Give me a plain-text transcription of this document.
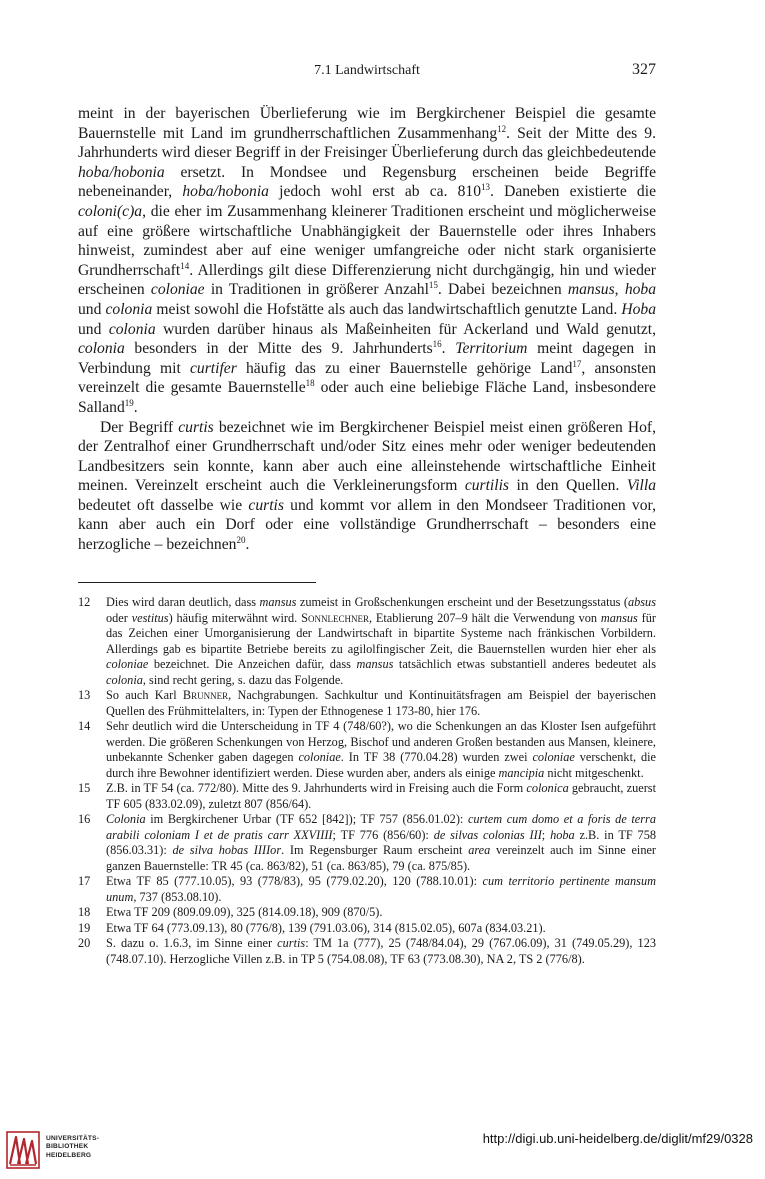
7.1 Landwirtschaft	327

meint in der bayerischen Überlieferung wie im Bergkirchener Beispiel die gesamte Bauernstelle mit Land im grundherrschaftlichen Zusammenhang$^{12}$. Seit der Mitte des 9. Jahrhunderts wird dieser Begriff in der Freisinger Überlieferung durch das gleichbedeutende hoba/hobonia ersetzt. In Mondsee und Regensburg erscheinen beide Begriffe nebeneinander, hoba/hobonia jedoch wohl erst ab ca. $810^{13}$. Daneben existierte die coloni(c)a, die eher im Zusammenhang kleinerer Traditionen erscheint und möglicherweise auf eine größere wirtschaftliche Unabhängigkeit der Bauernstelle oder ihres Inhabers hinweist, zumindest aber auf eine weniger umfangreiche oder nicht stark organisierte Grundherrschaft$^{14}$. Allerdings gilt diese Differenzierung nicht durchgängig, hin und wieder erscheinen coloniae in Traditionen in größerer Anzahl$^{15}$. Dabei bezeichnen mansus, hoba und colonia meist sowohl die Hofstätte als auch das landwirtschaftlich genutzte Land. Hoba und colonia wurden darüber hinaus als Maßeinheiten für Ackerland und Wald genutzt, colonia besonders in der Mitte des 9. Jahrhunderts$^{16}$. Territorium meint dagegen in Verbindung mit curtifer häufig das zu einer Bauernstelle gehörige Land$^{17}$, ansonsten vereinzelt die gesamte Bauernstelle$^{18}$ oder auch eine beliebige Fläche Land, insbesondere Salland$^{19}$.

Der Begriff curtis bezeichnet wie im Bergkirchener Beispiel meist einen größeren Hof, der Zentralhof einer Grundherrschaft und/oder Sitz eines mehr oder weniger bedeutenden Landbesitzers sein konnte, kann aber auch eine alleinstehende wirtschaftliche Einheit meinen. Vereinzelt erscheint auch die Verkleinerungsform curtilis in den Quellen. Villa bedeutet oft dasselbe wie curtis und kommt vor allem in den Mondseer Traditionen vor, kann aber auch ein Dorf oder eine vollständige Grundherrschaft – besonders eine herzogliche – bezeichnen$^{20}$.

12 Dies wird daran deutlich, dass mansus zumeist in Großschenkungen erscheint und der Besetzungsstatus (absus oder vestitus) häufig miterwähnt wird. Sonnlechner, Etablierung 207–9 hält die Verwendung von mansus für das Zeichen einer Umorganisierung der Landwirtschaft in bipartite Systeme nach fränkischen Vorbildern. Allerdings gab es bipartite Betriebe bereits zu agilolfingischer Zeit, die Bauernstellen wurden hier eher als coloniae bezeichnet. Die Anzeichen dafür, dass mansus tatsächlich etwas substantiell anderes bedeutet als colonia, sind recht gering, s. dazu das Folgende.
13 So auch Karl Brunner, Nachgrabungen. Sachkultur und Kontinuitätsfragen am Beispiel der bayerischen Quellen des Frühmittelalters, in: Typen der Ethnogenese 1 173-80, hier 176.
14 Sehr deutlich wird die Unterscheidung in TF 4 (748/60?), wo die Schenkungen an das Kloster Isen aufgeführt werden. Die größeren Schenkungen von Herzog, Bischof und anderen Großen bestanden aus Mansen, kleinere, unbekannte Schenker gaben dagegen coloniae. In TF 38 (770.04.28) wurden zwei coloniae verschenkt, die durch ihre Bewohner identifiziert werden. Diese wurden aber, anders als einige mancipia nicht mitgeschenkt.
15 Z.B. in TF 54 (ca. 772/80). Mitte des 9. Jahrhunderts wird in Freising auch die Form colonica gebraucht, zuerst TF 605 (833.02.09), zuletzt 807 (856/64).
16 Colonia im Bergkirchener Urbar (TF 652 [842]); TF 757 (856.01.02): curtem cum domo et a foris de terra arabili coloniam I et de pratis carr XXVIIII; TF 776 (856/60): de silvas colonias III; hoba z.B. in TF 758 (856.03.31): de silva hobas IIIIor. Im Regensburger Raum erscheint area vereinzelt auch im Sinne einer ganzen Bauernstelle: TR 45 (ca. 863/82), 51 (ca. 863/85), 79 (ca. 875/85).
17 Etwa TF 85 (777.10.05), 93 (778/83), 95 (779.02.20), 120 (788.10.01): cum territorio pertinente mansum unum, 737 (853.08.10).
18 Etwa TF 209 (809.09.09), 325 (814.09.18), 909 (870/5).
19 Etwa TF 64 (773.09.13), 80 (776/8), 139 (791.03.06), 314 (815.02.05), 607a (834.03.21).
20 S. dazu o. 1.6.3, im Sinne einer curtis: TM 1a (777), 25 (748/84.04), 29 (767.06.09), 31 (749.05.29), 123 (748.07.10). Herzogliche Villen z.B. in TP 5 (754.08.08), TF 63 (773.08.30), NA 2, TS 2 (776/8).
UNIVERSITÄTS-
BIBLIOTHEK
HEIDELBERG
http://digi.ub.uni-heidelberg.de/diglit/mf29/0328
